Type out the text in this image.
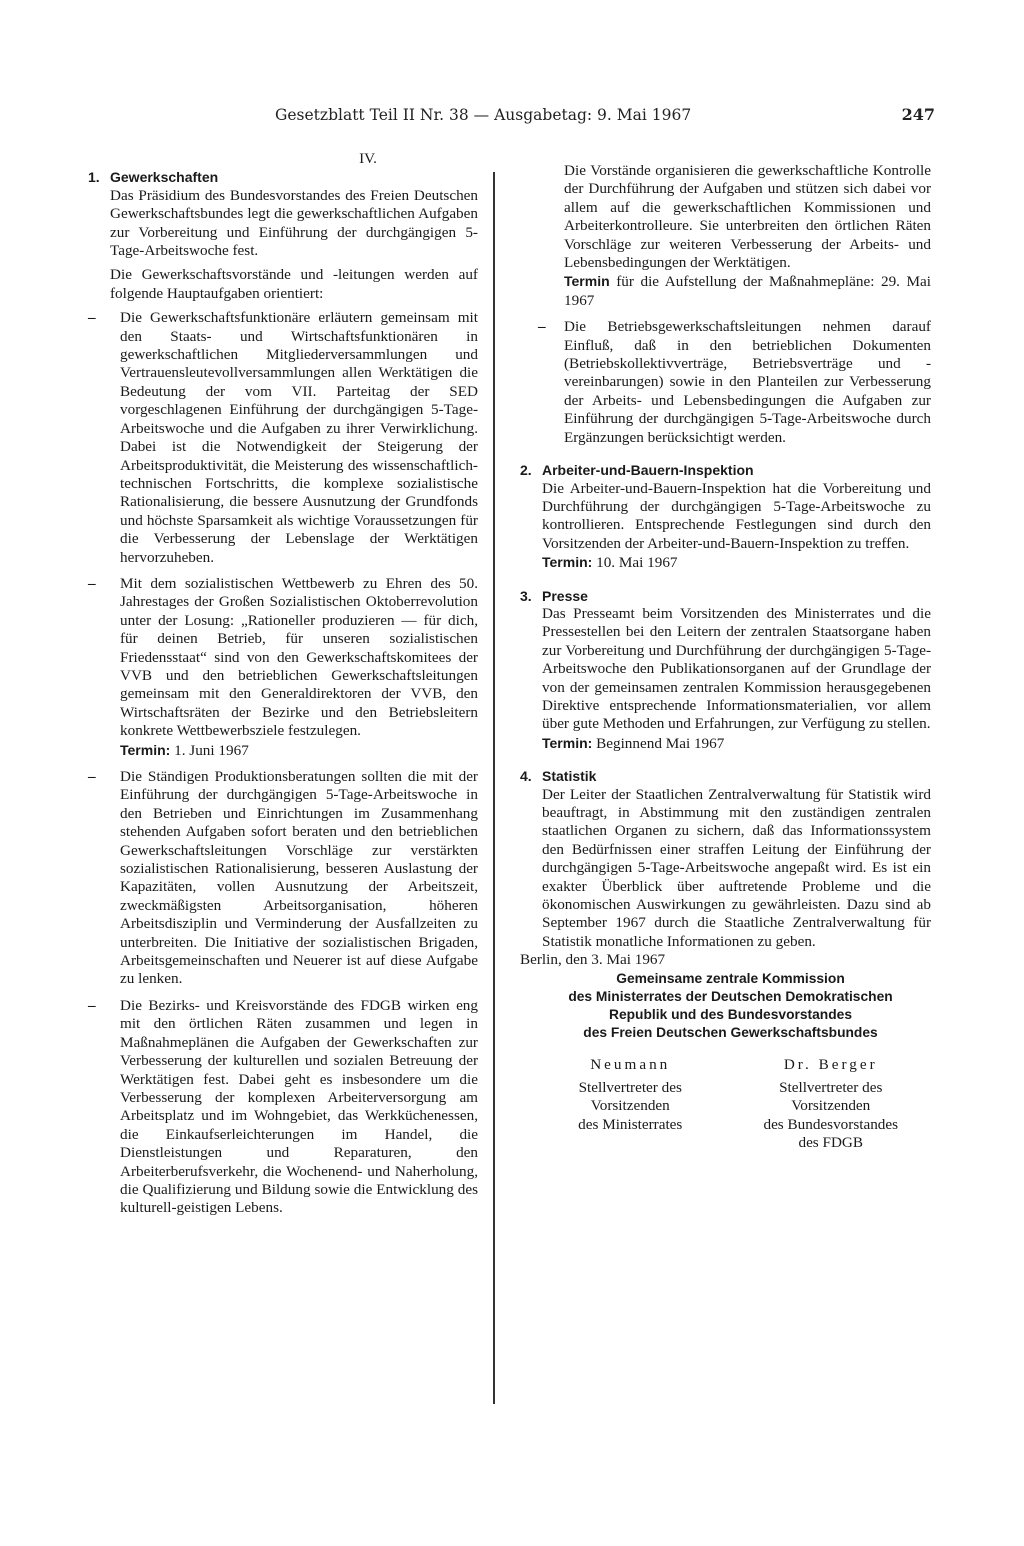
Gesetzblatt Teil II Nr. 38 — Ausgabetag: 9. Mai 1967	247

IV.

1. Gewerkschaften

Das Präsidium des Bundesvorstandes des Freien Deutschen Gewerkschaftsbundes legt die gewerkschaftlichen Aufgaben zur Vorbereitung und Einführung der durchgängigen 5-Tage-Arbeitswoche fest.

Die Gewerkschaftsvorstände und -leitungen werden auf folgende Hauptaufgaben orientiert:

– Die Gewerkschaftsfunktionäre erläutern gemeinsam mit den Staats- und Wirtschaftsfunktionären in gewerkschaftlichen Mitgliederversammlungen und Vertrauensleutevollversammlungen allen Werktätigen die Bedeutung der vom VII. Parteitag der SED vorgeschlagenen Einführung der durchgängigen 5-Tage-Arbeitswoche und die Aufgaben zu ihrer Verwirklichung. Dabei ist die Notwendigkeit der Steigerung der Arbeitsproduktivität, die Meisterung des wissenschaftlich-technischen Fortschritts, die komplexe sozialistische Rationalisierung, die bessere Ausnutzung der Grundfonds und höchste Sparsamkeit als wichtige Voraussetzungen für die Verbesserung der Lebenslage der Werktätigen hervorzuheben.

– Mit dem sozialistischen Wettbewerb zu Ehren des 50. Jahrestages der Großen Sozialistischen Oktoberrevolution unter der Losung: „Rationeller produzieren — für dich, für deinen Betrieb, für unseren sozialistischen Friedensstaat“ sind von den Gewerkschaftskomitees der VVB und den betrieblichen Gewerkschaftsleitungen gemeinsam mit den Generaldirektoren der VVB, den Wirtschaftsräten der Bezirke und den Betriebsleitern konkrete Wettbewerbsziele festzulegen.

Termin: 1. Juni 1967

– Die Ständigen Produktionsberatungen sollten die mit der Einführung der durchgängigen 5-Tage-Arbeitswoche in den Betrieben und Einrichtungen im Zusammenhang stehenden Aufgaben sofort beraten und den betrieblichen Gewerkschaftsleitungen Vorschläge zur verstärkten sozialistischen Rationalisierung, besseren Auslastung der Kapazitäten, vollen Ausnutzung der Arbeitszeit, zweckmäßigsten Arbeitsorganisation, höheren Arbeitsdisziplin und Verminderung der Ausfallzeiten zu unterbreiten. Die Initiative der sozialistischen Brigaden, Arbeitsgemeinschaften und Neuerer ist auf diese Aufgabe zu lenken.

– Die Bezirks- und Kreisvorstände des FDGB wirken eng mit den örtlichen Räten zusammen und legen in Maßnahmeplänen die Aufgaben der Gewerkschaften zur Verbesserung der kulturellen und sozialen Betreuung der Werktätigen fest. Dabei geht es insbesondere um die Verbesserung der komplexen Arbeiterversorgung am Arbeitsplatz und im Wohngebiet, das Werkküchenessen, die Einkaufserleichterungen im Handel, die Dienstleistungen und Reparaturen, den Arbeiterberufsverkehr, die Wochenend- und Naherholung, die Qualifizierung und Bildung sowie die Entwicklung des kulturell-geistigen Lebens.

Die Vorstände organisieren die gewerkschaftliche Kontrolle der Durchführung der Aufgaben und stützen sich dabei vor allem auf die gewerkschaftlichen Kommissionen und Arbeiterkontrolleure. Sie unterbreiten den örtlichen Räten Vorschläge zur weiteren Verbesserung der Arbeits- und Lebensbedingungen der Werktätigen.

Termin für die Aufstellung der Maßnahmepläne: 29. Mai 1967

– Die Betriebsgewerkschaftsleitungen nehmen darauf Einfluß, daß in den betrieblichen Dokumenten (Betriebskollektivverträge, Betriebsverträge und -vereinbarungen) sowie in den Planteilen zur Verbesserung der Arbeits- und Lebensbedingungen die Aufgaben zur Einführung der durchgängigen 5-Tage-Arbeitswoche durch Ergänzungen berücksichtigt werden.

2. Arbeiter-und-Bauern-Inspektion

Die Arbeiter-und-Bauern-Inspektion hat die Vorbereitung und Durchführung der durchgängigen 5-Tage-Arbeitswoche zu kontrollieren. Entsprechende Festlegungen sind durch den Vorsitzenden der Arbeiter-und-Bauern-Inspektion zu treffen.

Termin: 10. Mai 1967

3. Presse

Das Presseamt beim Vorsitzenden des Ministerrates und die Pressestellen bei den Leitern der zentralen Staatsorgane haben zur Vorbereitung und Durchführung der durchgängigen 5-Tage-Arbeitswoche den Publikationsorganen auf der Grundlage der von der gemeinsamen zentralen Kommission herausgegebenen Direktive entsprechende Informationsmaterialien, vor allem über gute Methoden und Erfahrungen, zur Verfügung zu stellen.

Termin: Beginnend Mai 1967

4. Statistik

Der Leiter der Staatlichen Zentralverwaltung für Statistik wird beauftragt, in Abstimmung mit den zuständigen zentralen staatlichen Organen zu sichern, daß das Informationssystem den Bedürfnissen einer straffen Leitung der Einführung der durchgängigen 5-Tage-Arbeitswoche angepaßt wird. Es ist ein exakter Überblick über auftretende Probleme und die ökonomischen Auswirkungen zu gewährleisten. Dazu sind ab September 1967 durch die Staatliche Zentralverwaltung für Statistik monatliche Informationen zu geben.

Berlin, den 3. Mai 1967

Gemeinsame zentrale Kommission
des Ministerrates der Deutschen Demokratischen
Republik und des Bundesvorstandes
des Freien Deutschen Gewerkschaftsbundes
Neumann
Stellvertreter des
Vorsitzenden
des Ministerrates
Dr. Berger
Stellvertreter des
Vorsitzenden
des Bundesvorstandes
des FDGB
